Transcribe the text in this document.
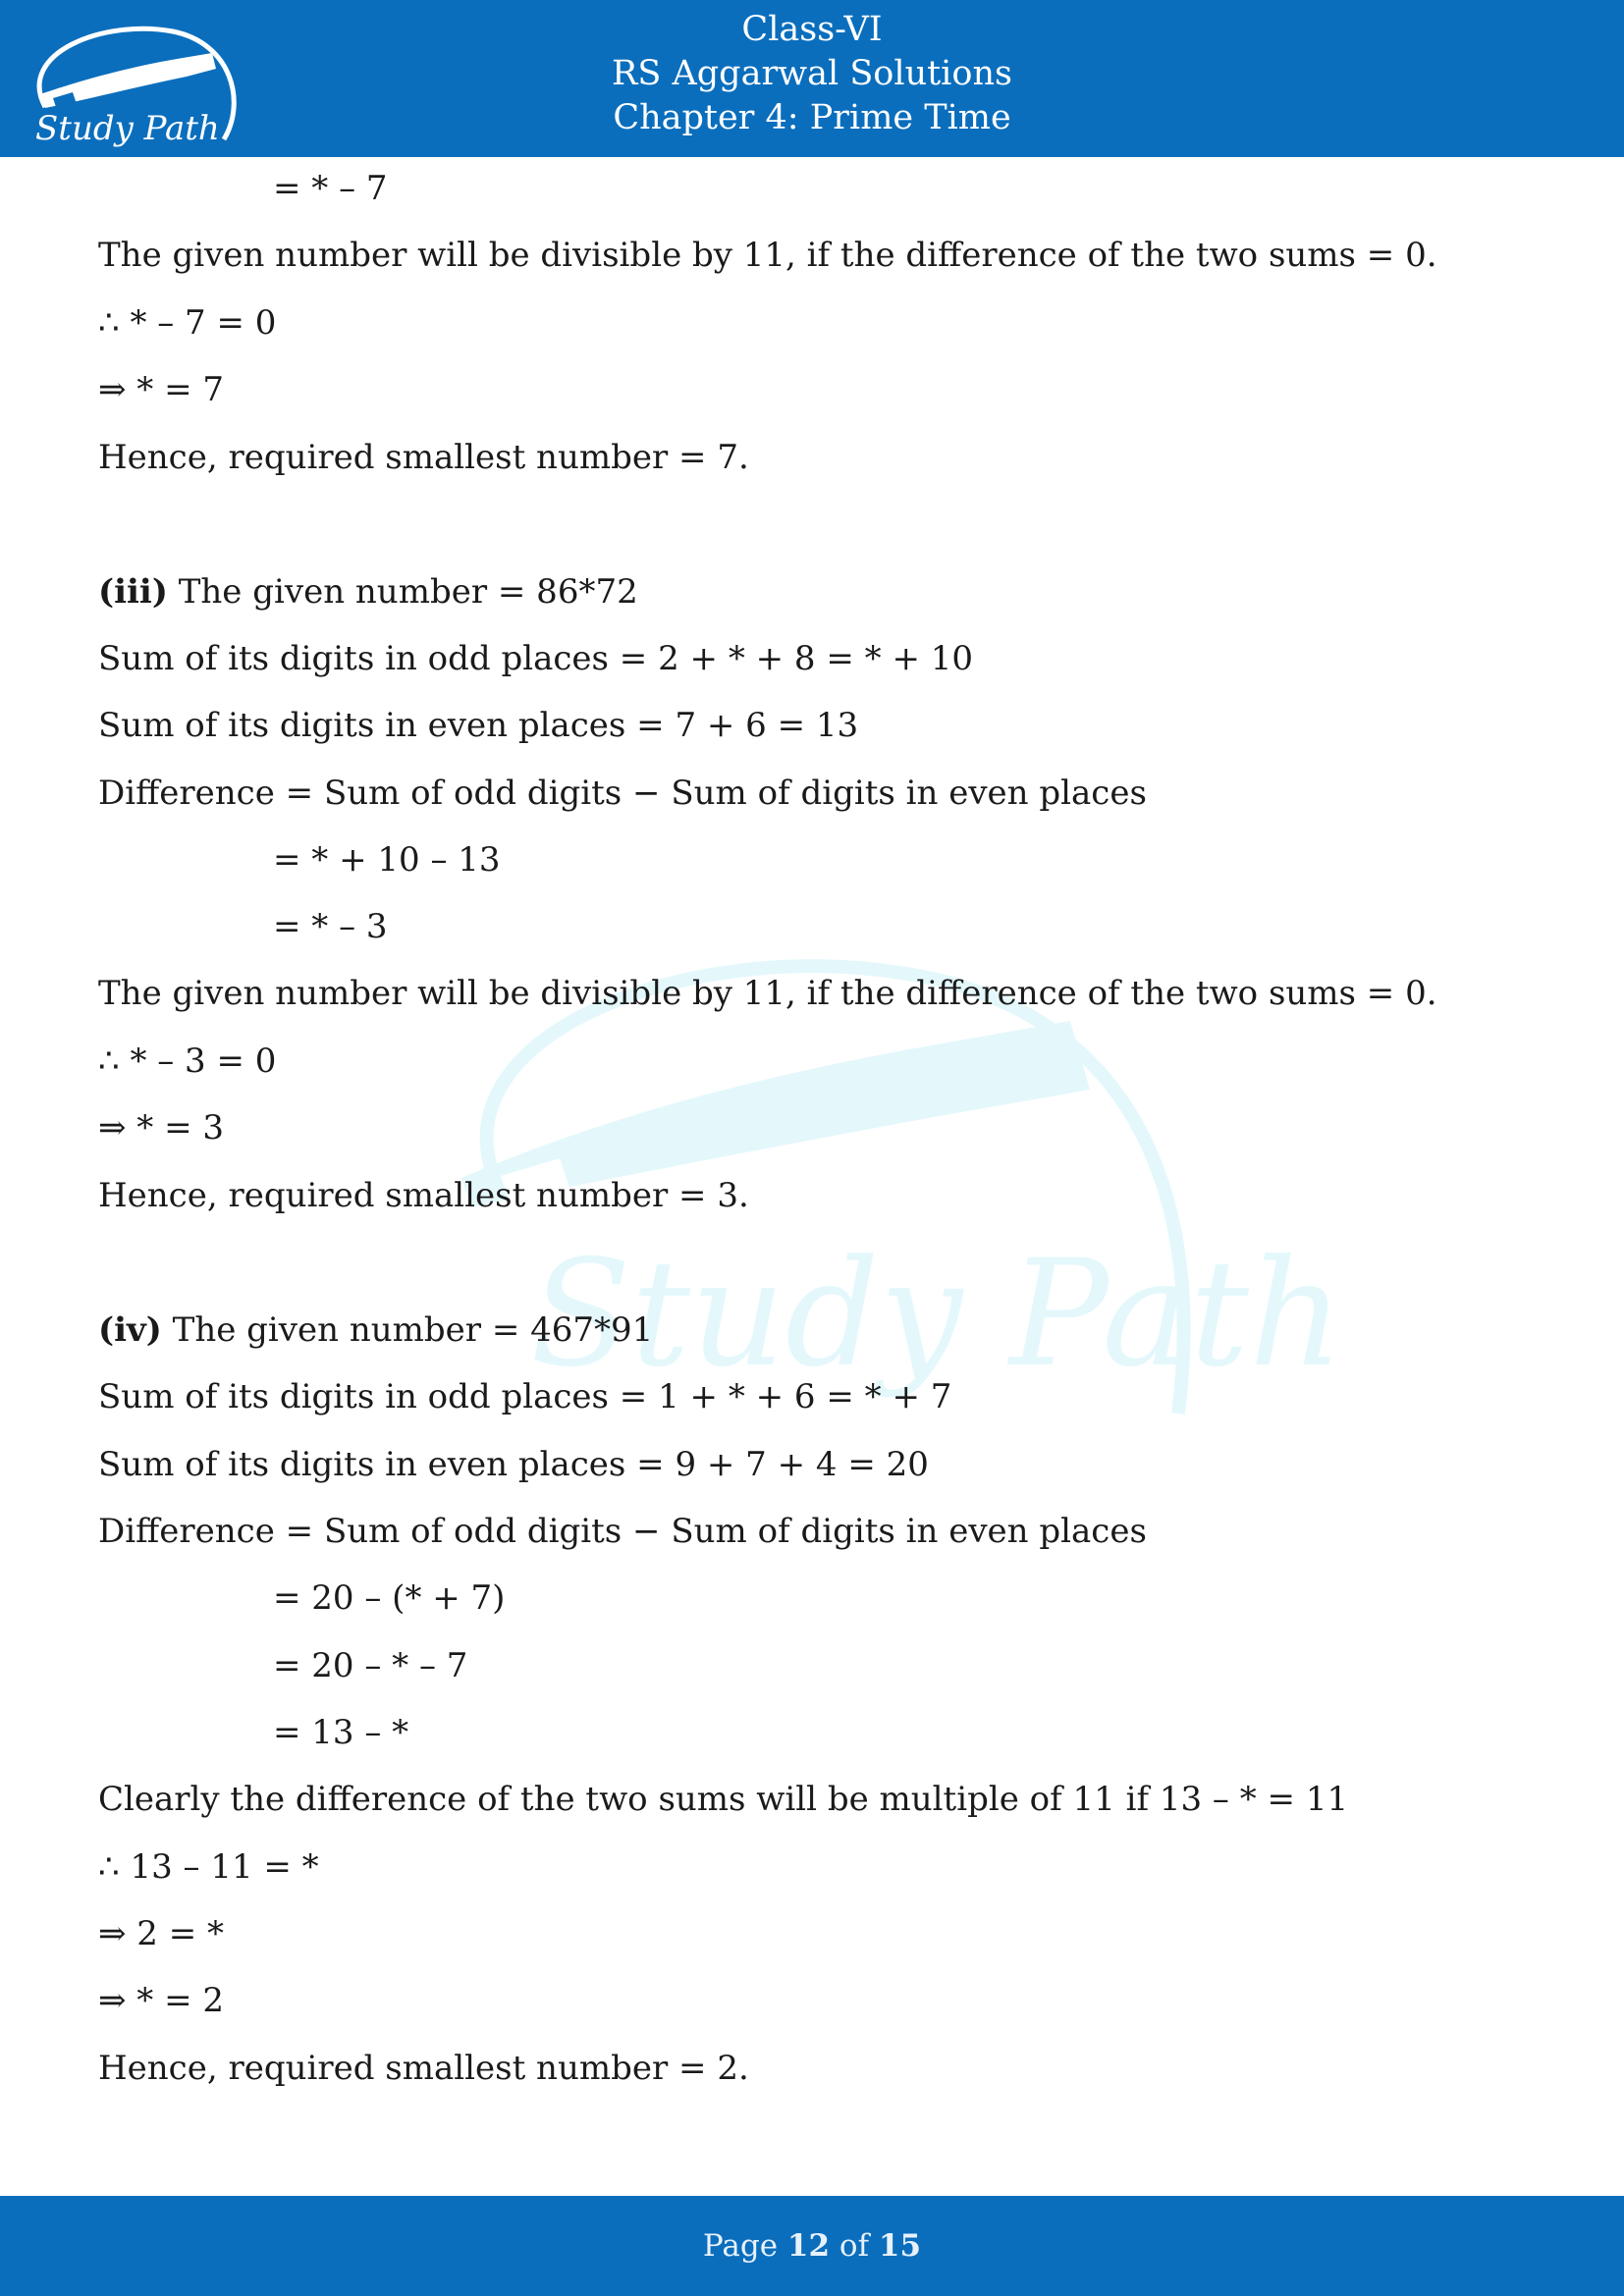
Study Path
Class-VI
RS Aggarwal Solutions
Chapter 4: Prime Time
Study Path
= * – 7
The given number will be divisible by 11, if the difference of the two sums = 0.
∴ * – 7 = 0
⇒ * = 7
Hence, required smallest number = 7.
(iii) The given number = 86*72
Sum of its digits in odd places = 2 + * + 8 = * + 10
Sum of its digits in even places = 7 + 6 = 13
Difference = Sum of odd digits − Sum of digits in even places
= * + 10 – 13
= * – 3
The given number will be divisible by 11, if the difference of the two sums = 0.
∴ * – 3 = 0
⇒ * = 3
Hence, required smallest number = 3.
(iv) The given number = 467*91
Sum of its digits in odd places = 1 + * + 6 = * + 7
Sum of its digits in even places = 9 + 7 + 4 = 20
Difference = Sum of odd digits − Sum of digits in even places
= 20 – (* + 7)
= 20 – * – 7
= 13 – *
Clearly the difference of the two sums will be multiple of 11 if 13 – * = 11
∴ 13 – 11 = *
⇒ 2 = *
⇒ * = 2
Hence, required smallest number = 2.
Page 12 of 15
